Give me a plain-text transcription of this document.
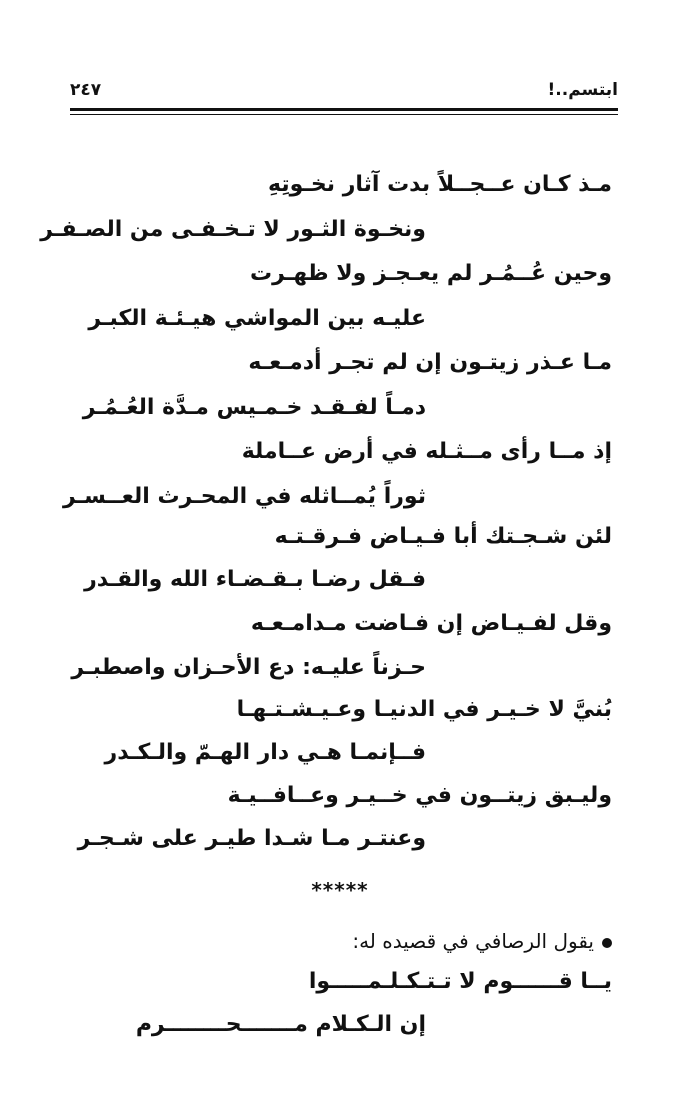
ابتسم..!
٢٤٧
مـذ كـان عــجــلاً بدت آثار نخـوتِهِ
ونخـوة الثـور لا تـخـفـى من الصـفـر
وحين عُــمُـر لم يعـجـز ولا ظهـرت
عليـه بين المواشي هيـئـة الكبـر
مـا عـذر زيتـون إن لم تجـر أدمـعـه
دمـاً لفـقـد خـمـيس مـدَّة العُـمُـر
إذ مــا رأى مــثـله في أرض عــاملة
ثوراً يُمــاثله في المحـرث العــسـر
لئن شـجـتك أبا فـيـاض فـرقـتـه
فـقل رضـا بـقـضـاء الله والقـدر
وقل لفـيـاض إن فـاضت مـدامـعـه
حـزناً عليـه: دع الأحـزان واصطبـر
بُنيَّ لا خـيـر في الدنيـا وعـيـشـتـهـا
فــإنمـا هـي دار الهـمّ والـكـدر
وليـبق زيتــون في خــيـر وعــافــيـة
وعنتـر مـا شـدا طيـر على شـجـر
*****
يقول الرصافي في قصيده له:
يــا قــــــوم لا تـتـكـلـمـــــوا
إن الـكـلام مـــــــحــــــــرم
